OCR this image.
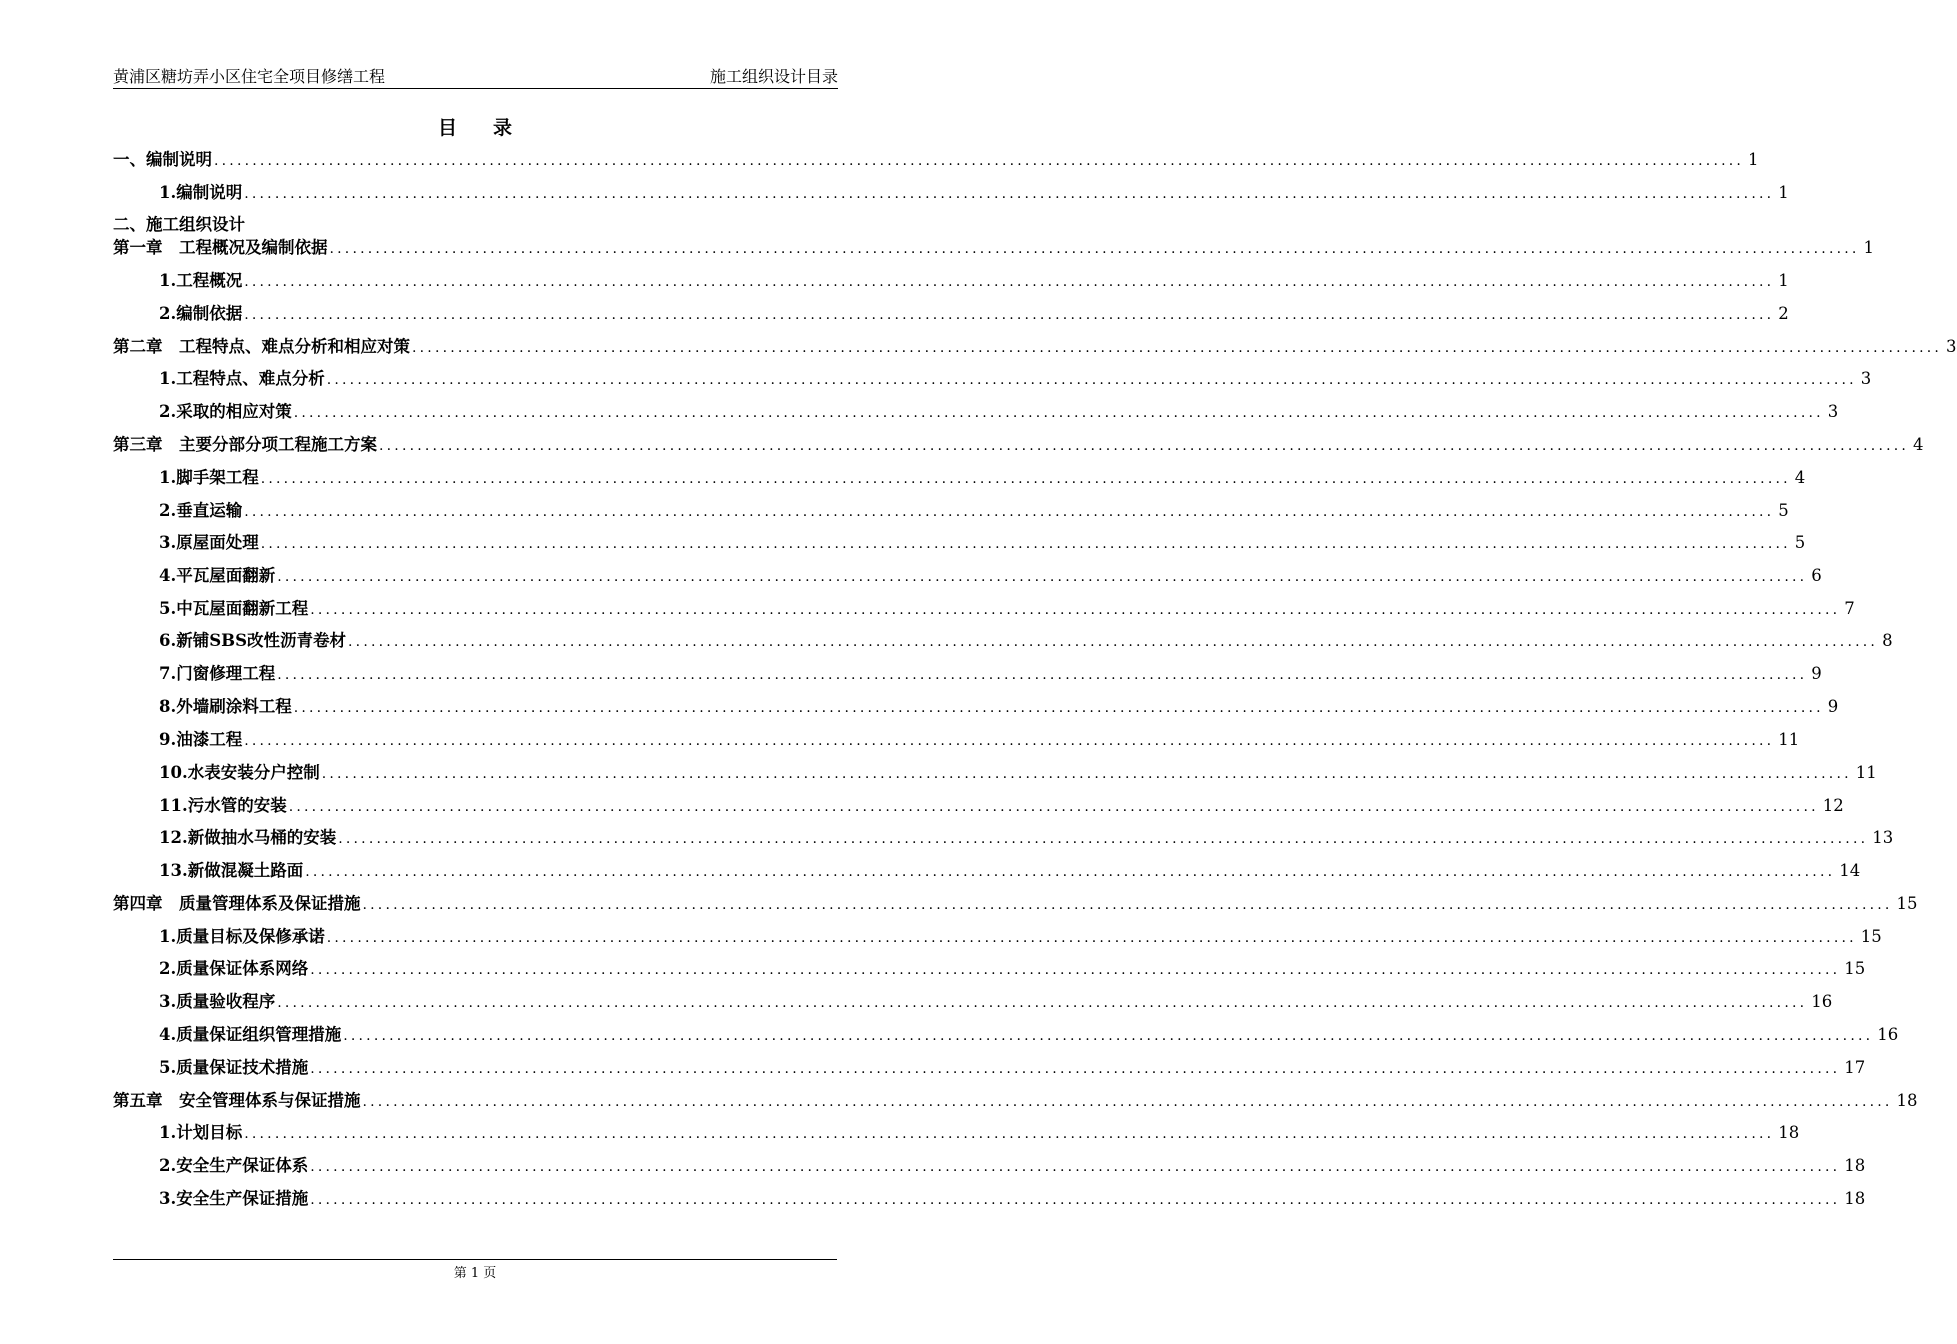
黄浦区糖坊弄小区住宅全项目修缮工程	施工组织设计目录
目 录
一、编制说明 ........................................................................................................................................................................................................ 1
1.编制说明 ........................................................................................................................................................................................................ 1
二、施工组织设计
第一章　工程概况及编制依据 ........................................................................................................................................................................................................ 1
1.工程概况 ........................................................................................................................................................................................................ 1
2.编制依据 ........................................................................................................................................................................................................ 2
第二章　工程特点、难点分析和相应对策 ........................................................................................................................................................................................................ 3
1.工程特点、难点分析 ........................................................................................................................................................................................................ 3
2.采取的相应对策 ........................................................................................................................................................................................................ 3
第三章　主要分部分项工程施工方案 ........................................................................................................................................................................................................ 4
1.脚手架工程 ........................................................................................................................................................................................................ 4
2.垂直运输 ........................................................................................................................................................................................................ 5
3.原屋面处理 ........................................................................................................................................................................................................ 5
4.平瓦屋面翻新 ........................................................................................................................................................................................................ 6
5.中瓦屋面翻新工程 ........................................................................................................................................................................................................ 7
6.新铺SBS改性沥青卷材 ........................................................................................................................................................................................................ 8
7.门窗修理工程 ........................................................................................................................................................................................................ 9
8.外墙刷涂料工程 ........................................................................................................................................................................................................ 9
9.油漆工程 ........................................................................................................................................................................................................ 11
10.水表安装分户控制 ........................................................................................................................................................................................................ 11
11.污水管的安装 ........................................................................................................................................................................................................ 12
12.新做抽水马桶的安装 ........................................................................................................................................................................................................ 13
13.新做混凝土路面 ........................................................................................................................................................................................................ 14
第四章　质量管理体系及保证措施 ........................................................................................................................................................................................................ 15
1.质量目标及保修承诺 ........................................................................................................................................................................................................ 15
2.质量保证体系网络 ........................................................................................................................................................................................................ 15
3.质量验收程序 ........................................................................................................................................................................................................ 16
4.质量保证组织管理措施 ........................................................................................................................................................................................................ 16
5.质量保证技术措施 ........................................................................................................................................................................................................ 17
第五章　安全管理体系与保证措施 ........................................................................................................................................................................................................ 18
1.计划目标 ........................................................................................................................................................................................................ 18
2.安全生产保证体系 ........................................................................................................................................................................................................ 18
3.安全生产保证措施 ........................................................................................................................................................................................................ 18
第 1 页
